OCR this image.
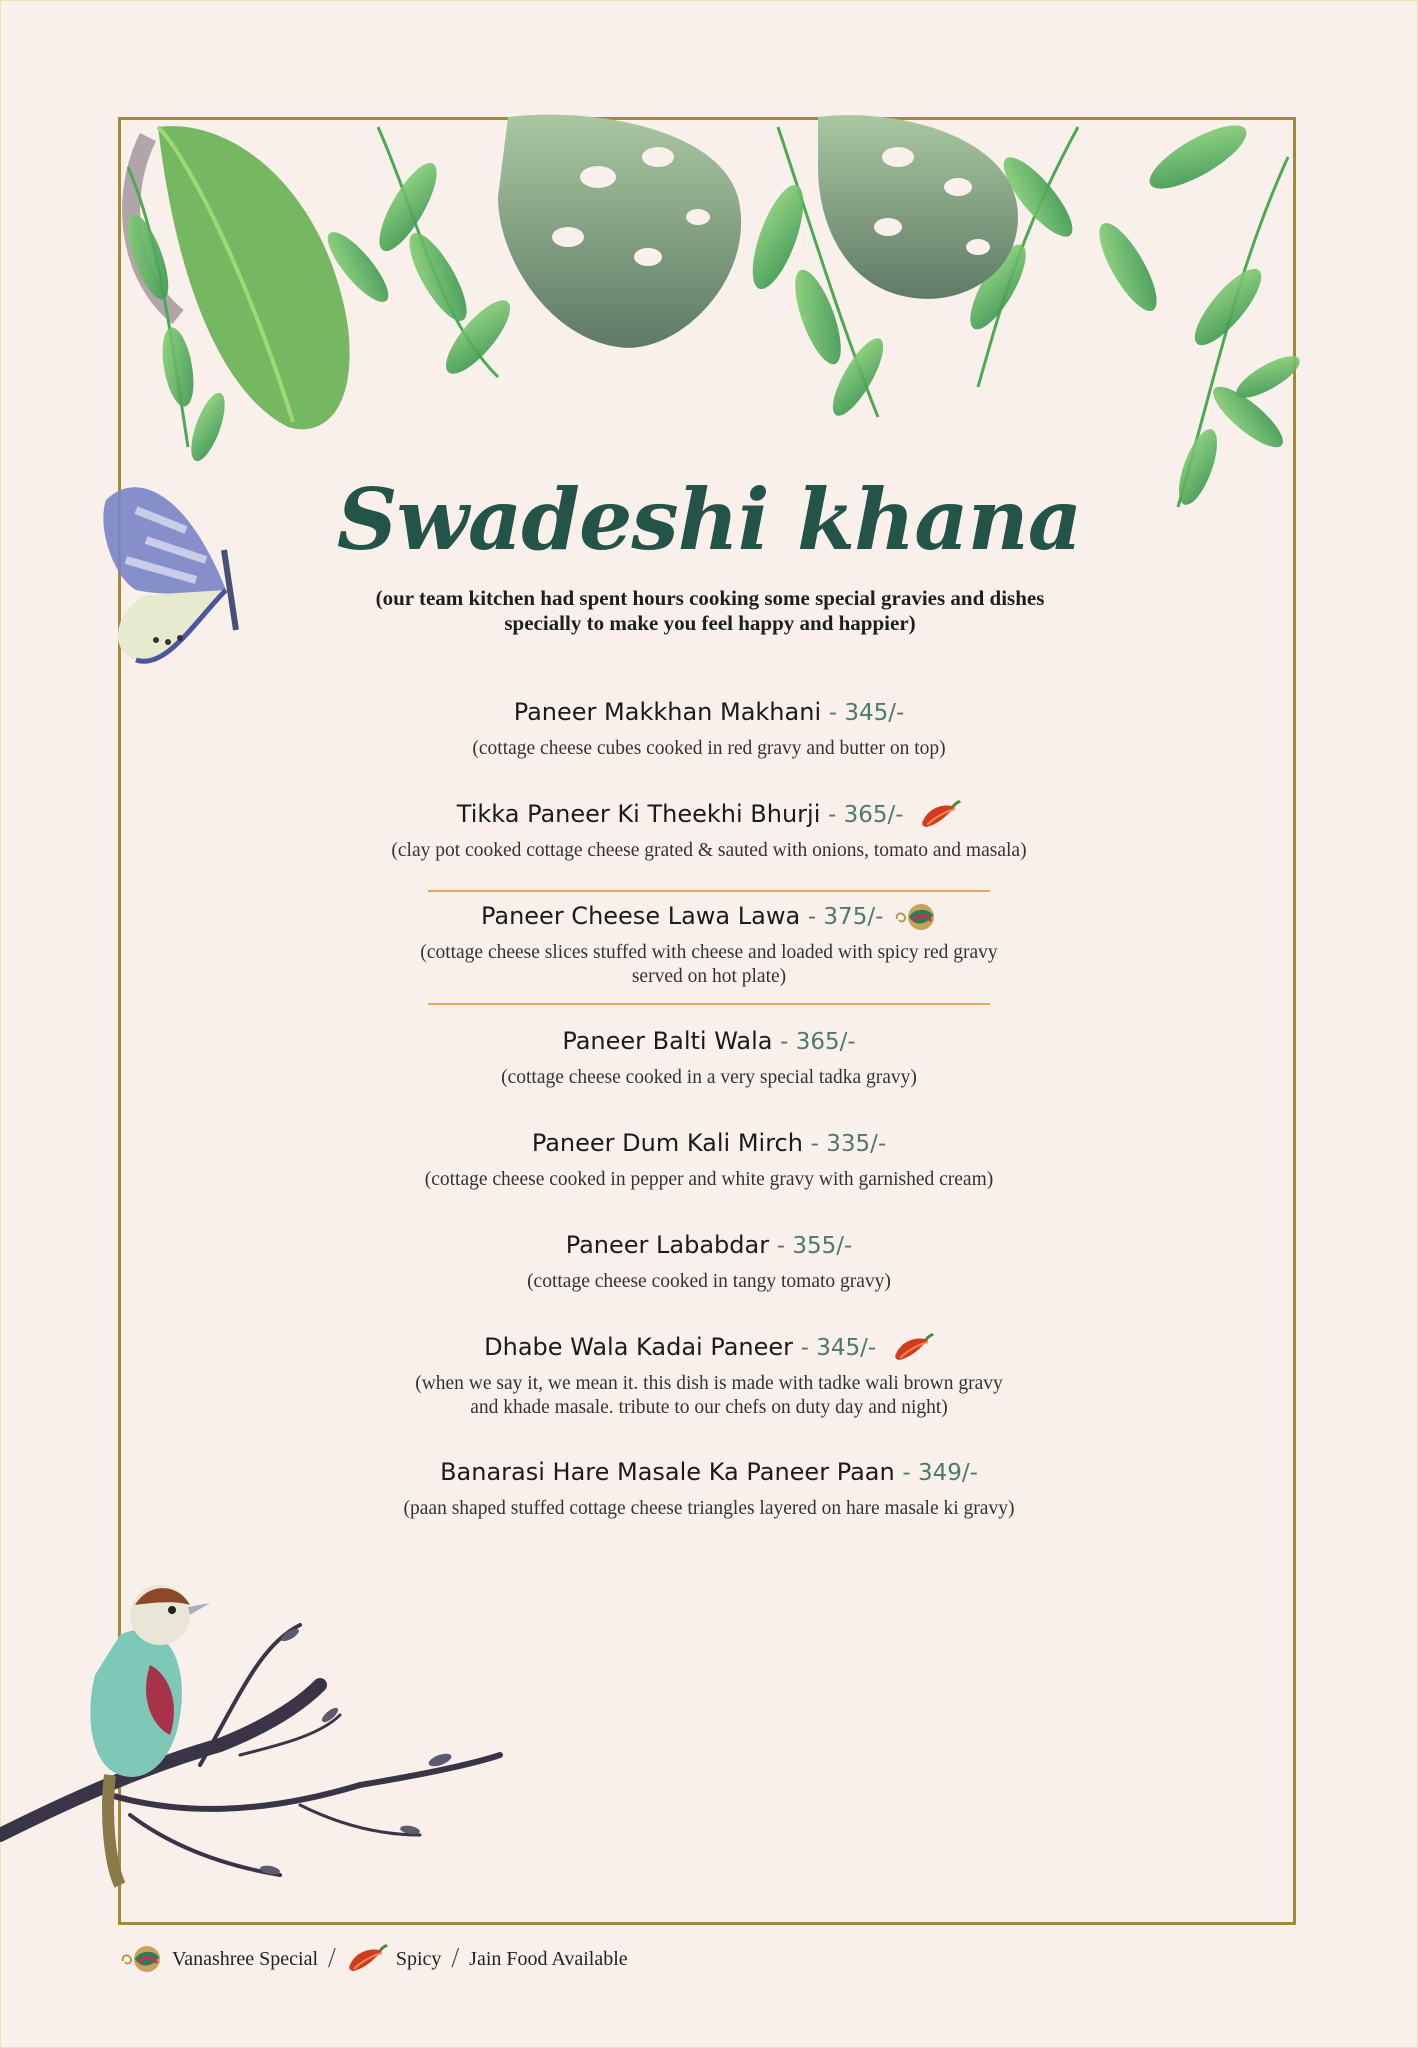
Swadeshi khana
(our team kitchen had spent hours cooking some special gravies and dishes specially to make you feel happy and happier)
Paneer Makkhan Makhani - 345/-
(cottage cheese cubes cooked in red gravy and butter on top)
Tikka Paneer Ki Theekhi Bhurji - 365/-
(clay pot cooked cottage cheese grated & sauted with onions, tomato and masala)
Paneer Cheese Lawa Lawa - 375/-
(cottage cheese slices stuffed with cheese and loaded with spicy red gravy served on hot plate)
Paneer Balti Wala - 365/-
(cottage cheese cooked in a very special tadka gravy)
Paneer Dum Kali Mirch - 335/-
(cottage cheese cooked in pepper and white gravy with garnished cream)
Paneer Lababdar - 355/-
(cottage cheese cooked in tangy tomato gravy)
Dhabe Wala Kadai Paneer - 345/-
(when we say it, we mean it. this dish is made with tadke wali brown gravy and khade masale. tribute to our chefs on duty day and night)
Banarasi Hare Masale Ka Paneer Paan - 349/-
(paan shaped stuffed cottage cheese triangles layered on hare masale ki gravy)
Vanashree Special /	Spicy / Jain Food Available
